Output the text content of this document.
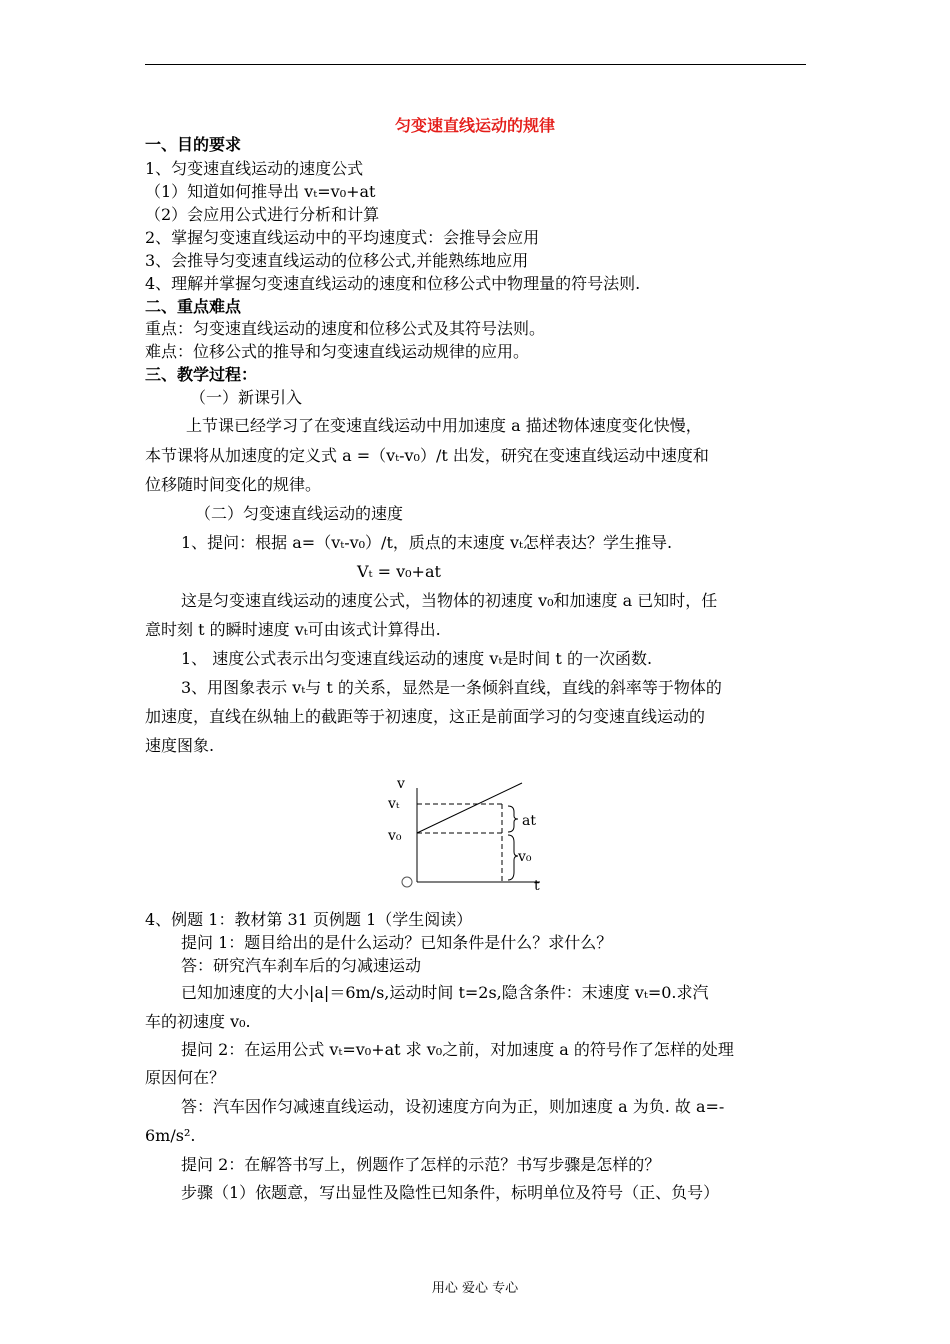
匀变速直线运动的规律
一、目的要求
1、匀变速直线运动的速度公式
（1）知道如何推导出 vₜ=v₀+at
（2）会应用公式进行分析和计算
2、掌握匀变速直线运动中的平均速度式：会推导会应用
3、会推导匀变速直线运动的位移公式,并能熟练地应用
4、理解并掌握匀变速直线运动的速度和位移公式中物理量的符号法则.
二、重点难点
重点：匀变速直线运动的速度和位移公式及其符号法则。
难点：位移公式的推导和匀变速直线运动规律的应用。
三、教学过程：
（一）新课引入
上节课已经学习了在变速直线运动中用加速度 a 描述物体速度变化快慢，
本节课将从加速度的定义式 a =（vₜ-v₀）/t 出发，研究在变速直线运动中速度和
位移随时间变化的规律。
（二）匀变速直线运动的速度
1、提问：根据 a=（vₜ-v₀）/t，质点的末速度 vₜ怎样表达？学生推导.
Vₜ = v₀+at
这是匀变速直线运动的速度公式，当物体的初速度 v₀和加速度 a 已知时，任
意时刻 t 的瞬时速度 vₜ可由该式计算得出.
1、 速度公式表示出匀变速直线运动的速度 vₜ是时间 t 的一次函数.
3、用图象表示 vₜ与 t 的关系，显然是一条倾斜直线，直线的斜率等于物体的
加速度，直线在纵轴上的截距等于初速度，这正是前面学习的匀变速直线运动的
速度图象.
v
vₜ
v₀
at
v₀
t
4、例题 1：教材第 31 页例题 1（学生阅读）
提问 1：题目给出的是什么运动？已知条件是什么？求什么？
答：研究汽车刹车后的匀减速运动
已知加速度的大小|a|＝6m/s,运动时间 t=2s,隐含条件：末速度 vₜ=0.求汽
车的初速度 v₀.
提问 2：在运用公式 vₜ=v₀+at 求 v₀之前，对加速度 a 的符号作了怎样的处理
原因何在？
答：汽车因作匀减速直线运动，设初速度方向为正，则加速度 a 为负. 故 a=-
6m/s².
提问 2：在解答书写上，例题作了怎样的示范？书写步骤是怎样的？
步骤（1）依题意，写出显性及隐性已知条件，标明单位及符号（正、负号）
用心 爱心 专心
